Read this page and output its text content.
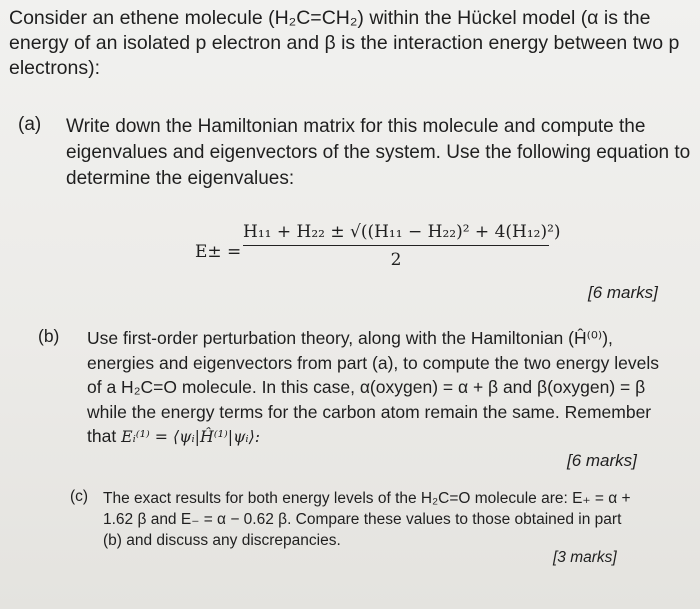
Consider an ethene molecule (H₂C=CH₂) within the Hückel model (α is the energy of an isolated p electron and β is the interaction energy between two p electrons):
(a) Write down the Hamiltonian matrix for this molecule and compute the eigenvalues and eigenvectors of the system. Use the following equation to determine the eigenvalues:
$E\pm = \frac{\text{H₁₁ + H₂₂ ± √((H₁₁ − H₂₂)² + 4(H₁₂)²)}}{2}$
[6 marks]
(b) Use first-order perturbation theory, along with the Hamiltonian (Ĥ⁽⁰⁾), energies and eigenvectors from part (a), to compute the two energy levels of a H₂C=O molecule. In this case, α(oxygen) = α + β and β(oxygen) = β while the energy terms for the carbon atom remain the same. Remember that Eᵢ⁽¹⁾ = ⟨ψᵢ|Ĥ⁽¹⁾|ψᵢ⟩:
[6 marks]
(c) The exact results for both energy levels of the H₂C=O molecule are: E₊ = α + 1.62 β and E₋ = α − 0.62 β. Compare these values to those obtained in part (b) and discuss any discrepancies.
[3 marks]
